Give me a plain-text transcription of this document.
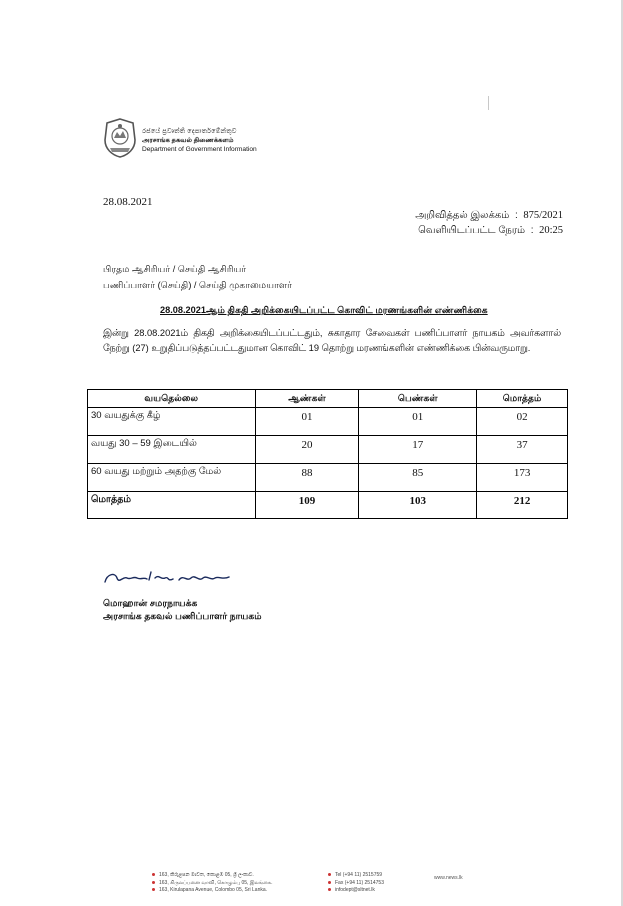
රජයේ ප්‍රවෘත්ති දෙපාර්තමේන්තුව
அரசாங்க தகவல் திணைக்களம்
Department of Government Information
28.08.2021
அறிவித்தல் இலக்கம் : 875/2021
வெளியிடப்பட்ட நேரம் : 20:25
பிரதம ஆசிரியர் / செய்தி ஆசிரியர்
பணிப்பாளர் (செய்தி) / செய்தி முகாமையாளர்
28.08.2021ஆம் திகதி அறிக்கையிடப்பட்ட கொவிட் மரணங்களின் எண்ணிக்கை
இன்று 28.08.2021ம் திகதி அறிக்கையிடப்பட்டதும், சுகாதார சேவைகள் பணிப்பாளர் நாயகம் அவர்களால் நேற்று (27) உறுதிப்படுத்தப்பட்டதுமான கொவிட் 19 தொற்று மரணங்களின் எண்ணிக்கை பின்வருமாறு.
வயதெல்லை	ஆண்கள்	பெண்கள்	மொத்தம்
30 வயதுக்கு கீழ்	01	01	02
வயது 30 – 59 இடையில்	20	17	37
60 வயது மற்றும் அதற்கு மேல்	88	85	173
மொத்தம்	109	103	212
மொஹான் சமரநாயக்க
அரசாங்க தகவல் பணிப்பாளர் நாயகம்
163, කිරුළපන මාවත, කොළඹ 05, ශ්‍රී ලංකාව.
163, கிருலப்பனை வாவி, கொழும்பு 05, இலங்கை.
163, Kirulapana Avenue, Colombo 05, Sri Lanka.
Tel (+94 11) 2515759
Fax (+94 11) 2514753
infodept@sltnet.lk
www.news.lk
